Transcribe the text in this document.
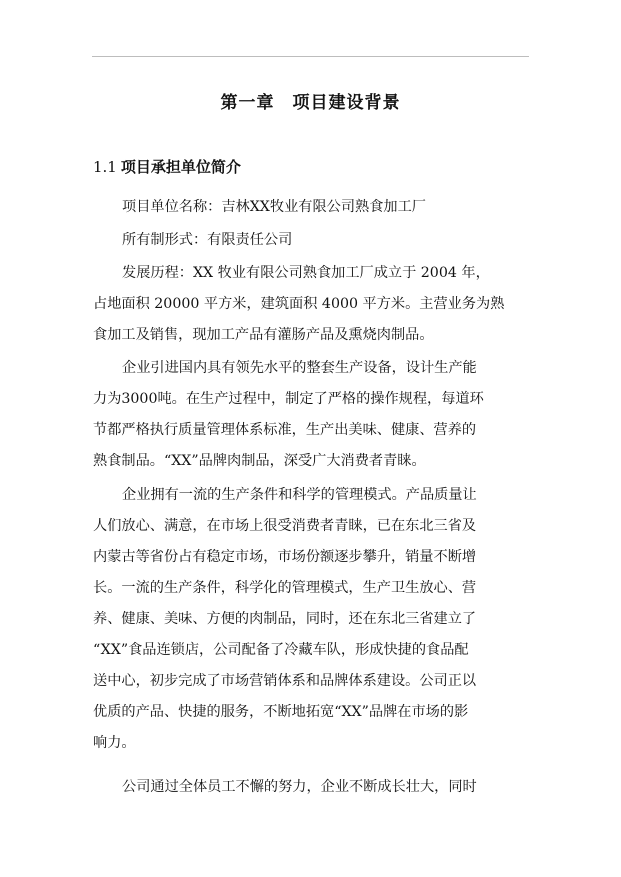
第一章　项目建设背景
1.1 项目承担单位简介
项目单位名称：吉林XX牧业有限公司熟食加工厂
所有制形式：有限责任公司
发展历程：XX 牧业有限公司熟食加工厂成立于 2004 年，
占地面积 20000 平方米，建筑面积 4000 平方米。主营业务为熟
食加工及销售，现加工产品有灌肠产品及熏烧肉制品。
企业引进国内具有领先水平的整套生产设备，设计生产能
力为3000吨。在生产过程中，制定了严格的操作规程，每道环
节都严格执行质量管理体系标准，生产出美味、健康、营养的
熟食制品。“XX”品牌肉制品，深受广大消费者青睐。
企业拥有一流的生产条件和科学的管理模式。产品质量让
人们放心、满意，在市场上很受消费者青睐，已在东北三省及
内蒙古等省份占有稳定市场，市场份额逐步攀升，销量不断增
长。一流的生产条件，科学化的管理模式，生产卫生放心、营
养、健康、美味、方便的肉制品，同时，还在东北三省建立了
“XX”食品连锁店，公司配备了冷藏车队，形成快捷的食品配
送中心，初步完成了市场营销体系和品牌体系建设。公司正以
优质的产品、快捷的服务，不断地拓宽“XX”品牌在市场的影
响力。
公司通过全体员工不懈的努力，企业不断成长壮大，同时
